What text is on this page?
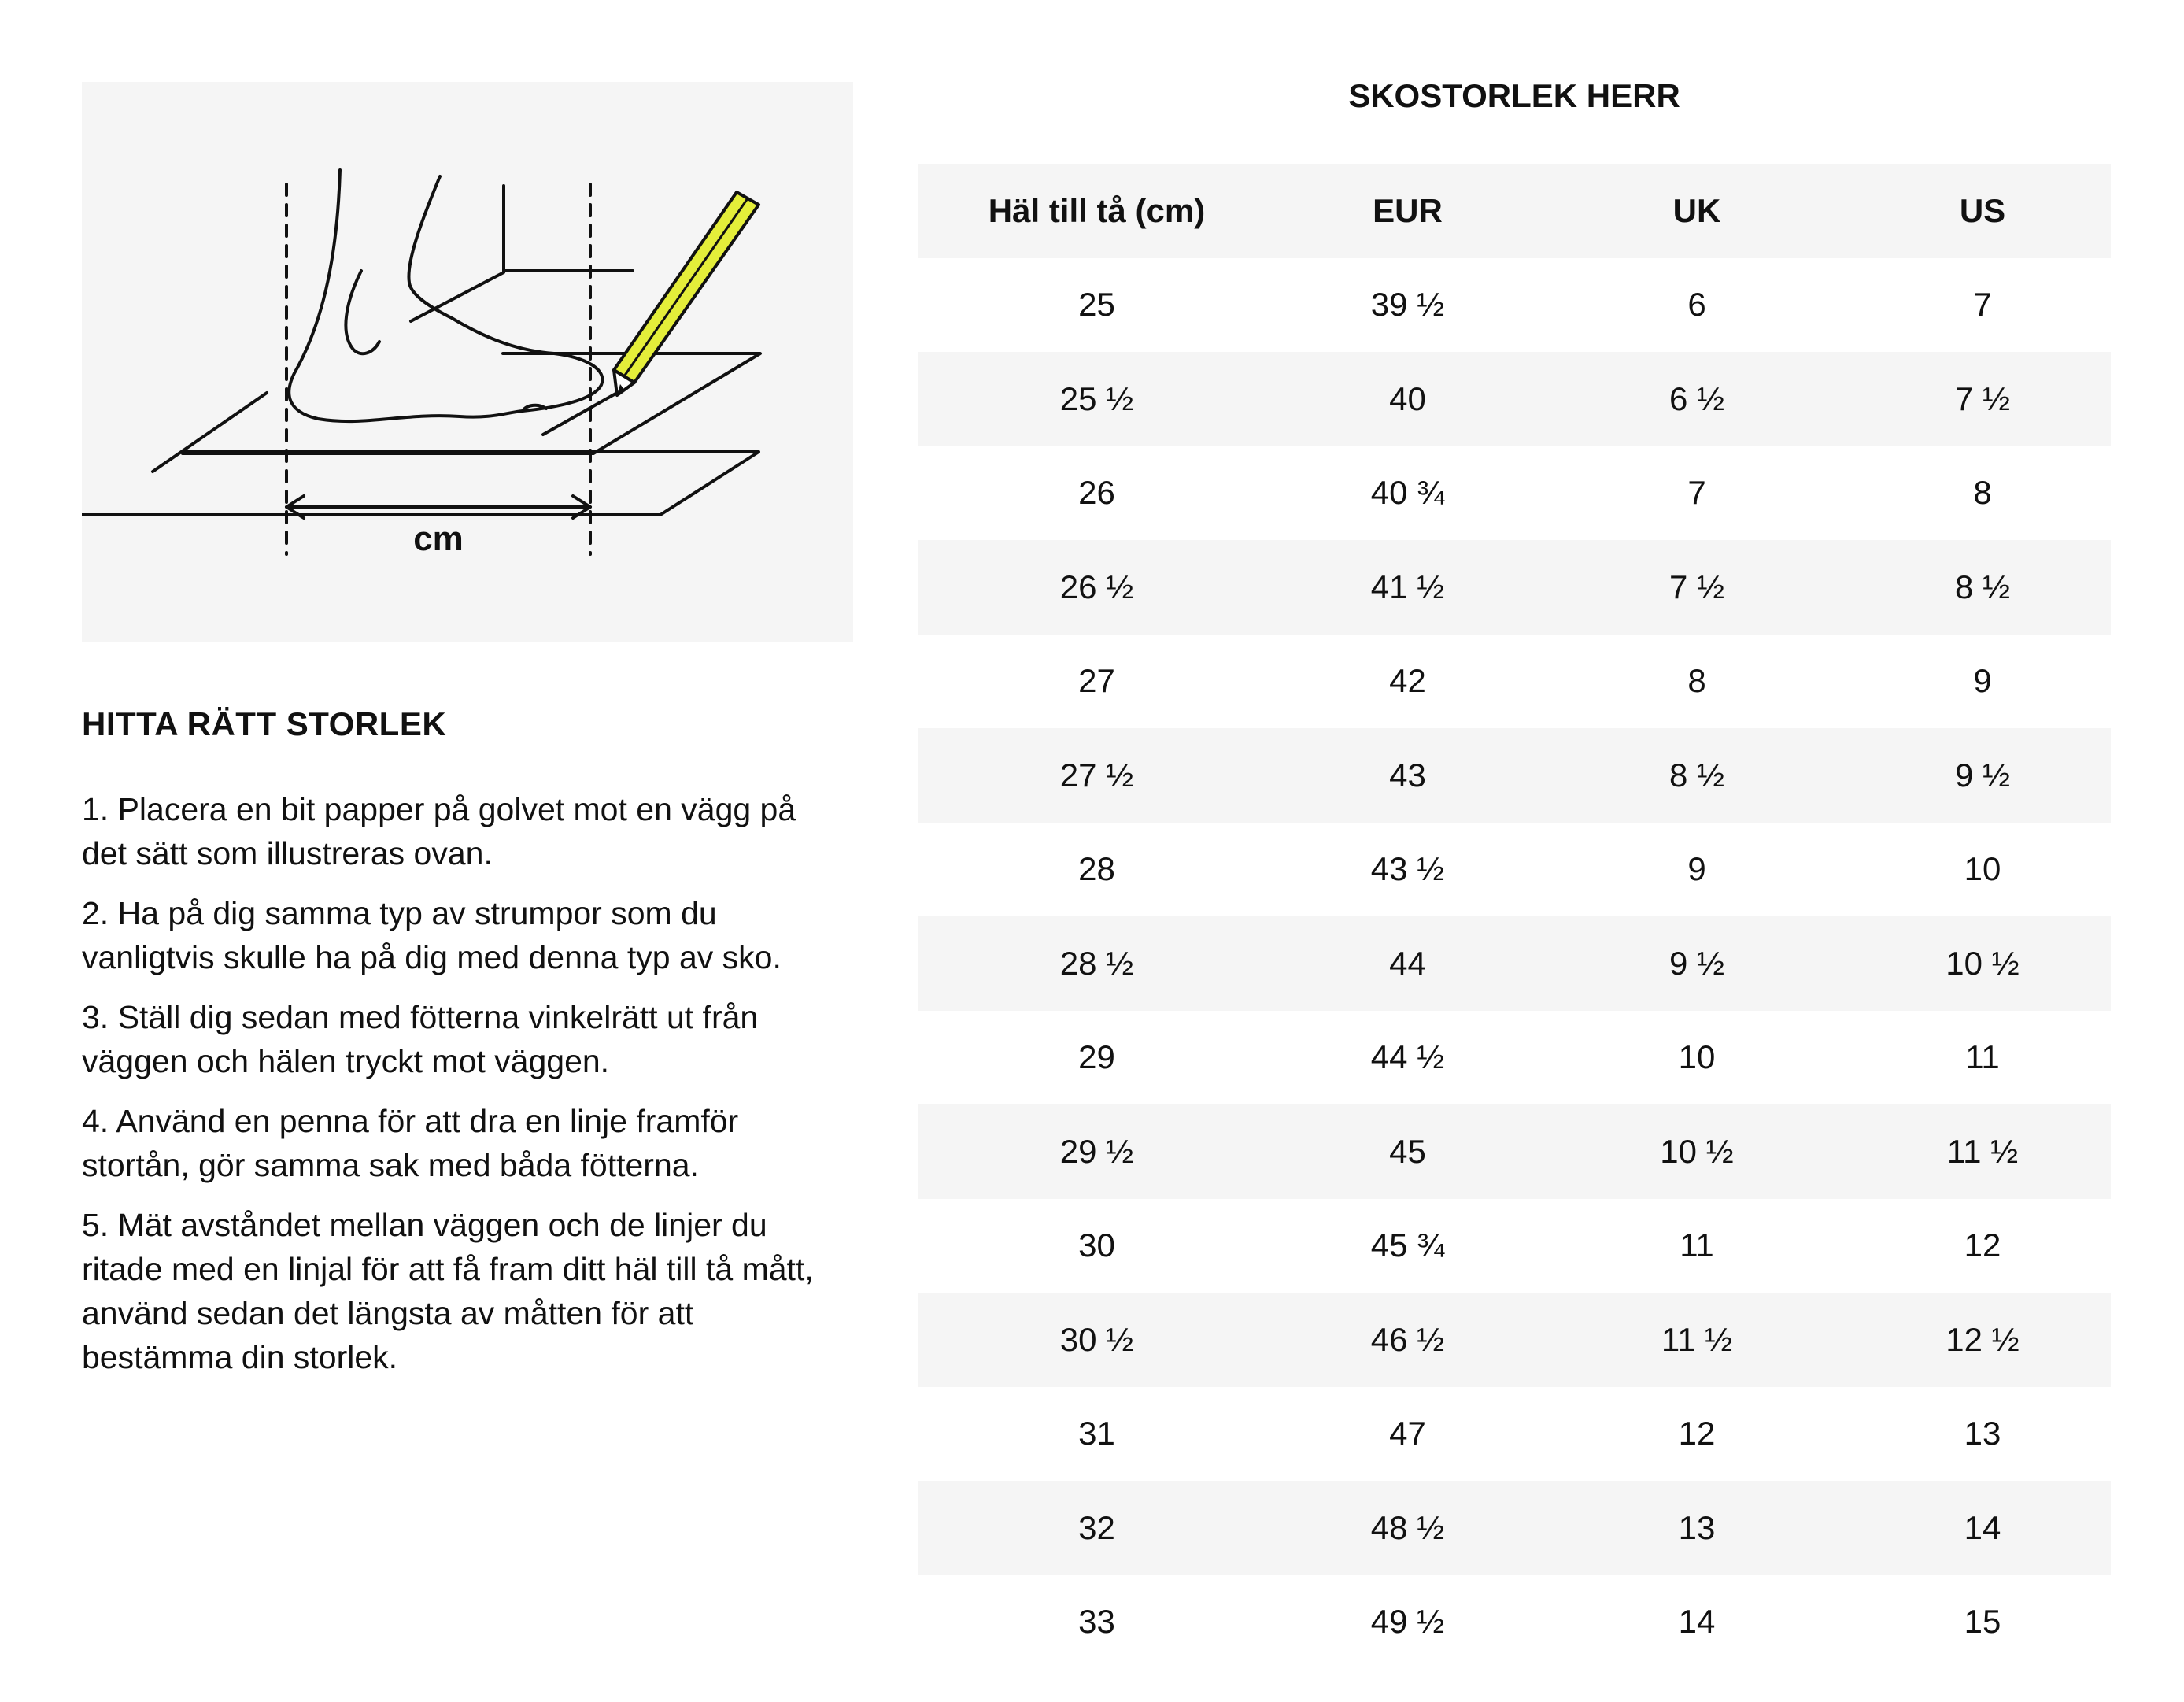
cm
HITTA RÄTT STORLEK
1. Placera en bit papper på golvet mot en vägg på det sätt som illustreras ovan.
2. Ha på dig samma typ av strumpor som du vanligtvis skulle ha på dig med denna typ av sko.
3. Ställ dig sedan med fötterna vinkelrätt ut från väggen och hälen tryckt mot väggen.
4. Använd en penna för att dra en linje framför stortån, gör samma sak med båda fötterna.
5. Mät avståndet mellan väggen och de linjer du ritade med en linjal för att få fram ditt häl till tå mått, använd sedan det längsta av måtten för att bestämma din storlek.
SKOSTORLEK HERR
Häl till tå (cm)	EUR	UK	US
25	39 ½	6	7
25 ½	40	6 ½	7 ½
26	40 ¾	7	8
26 ½	41 ½	7 ½	8 ½
27	42	8	9
27 ½	43	8 ½	9 ½
28	43 ½	9	10
28 ½	44	9 ½	10 ½
29	44 ½	10	11
29 ½	45	10 ½	11 ½
30	45 ¾	11	12
30 ½	46 ½	11 ½	12 ½
31	47	12	13
32	48 ½	13	14
33	49 ½	14	15
